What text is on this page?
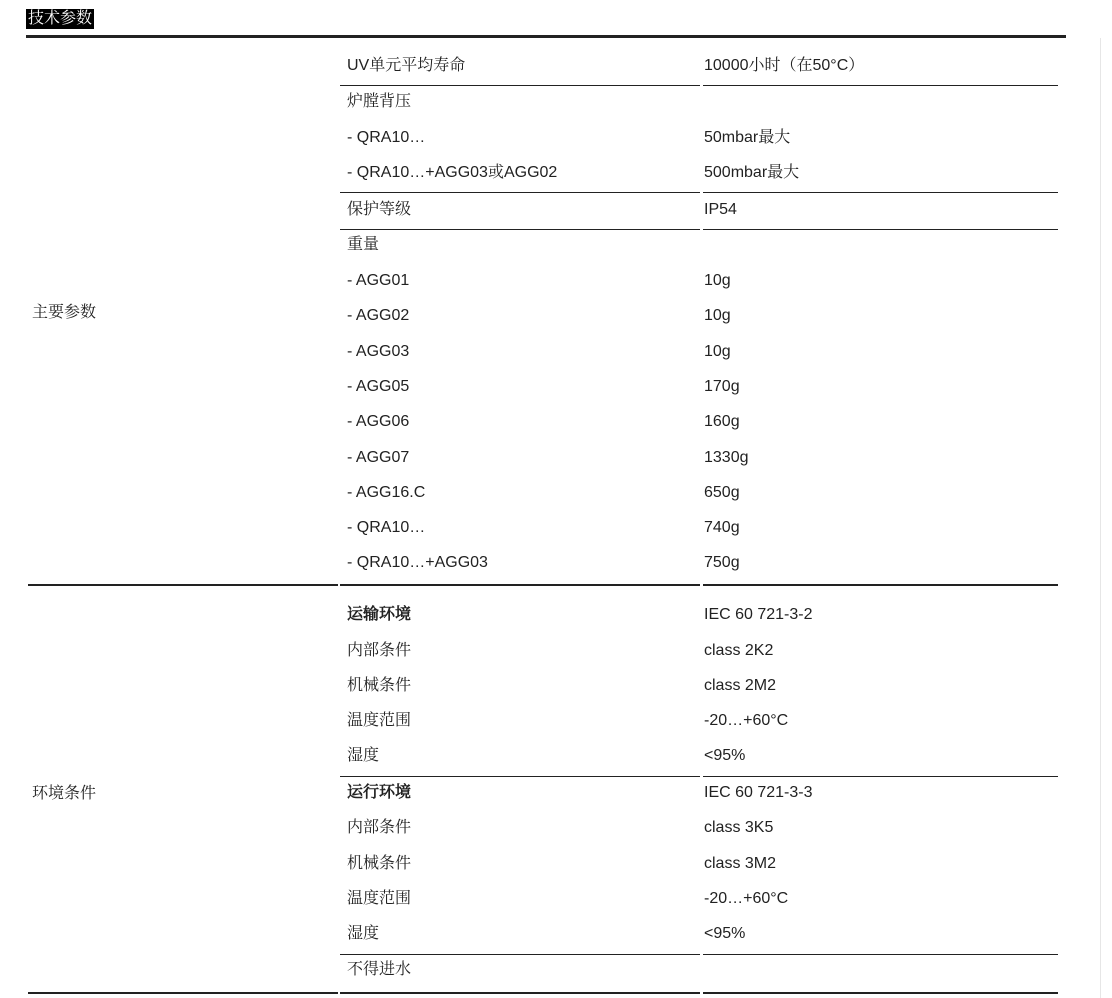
技术参数
主要参数
UV单元平均寿命	10000小时（在50°C）
炉膛背压
- QRA10…	50mbar最大
- QRA10…+AGG03或AGG02	500mbar最大
保护等级	IP54
重量
- AGG01	10g
- AGG02	10g
- AGG03	10g
- AGG05	170g
- AGG06	160g
- AGG07	1330g
- AGG16.C	650g
- QRA10…	740g
- QRA10…+AGG03	750g
环境条件
运输环境	IEC 60 721-3-2
内部条件	class 2K2
机械条件	class 2M2
温度范围	-20…+60°C
湿度	<95%
运行环境	IEC 60 721-3-3
内部条件	class 3K5
机械条件	class 3M2
温度范围	-20…+60°C
湿度	<95%
不得进水
